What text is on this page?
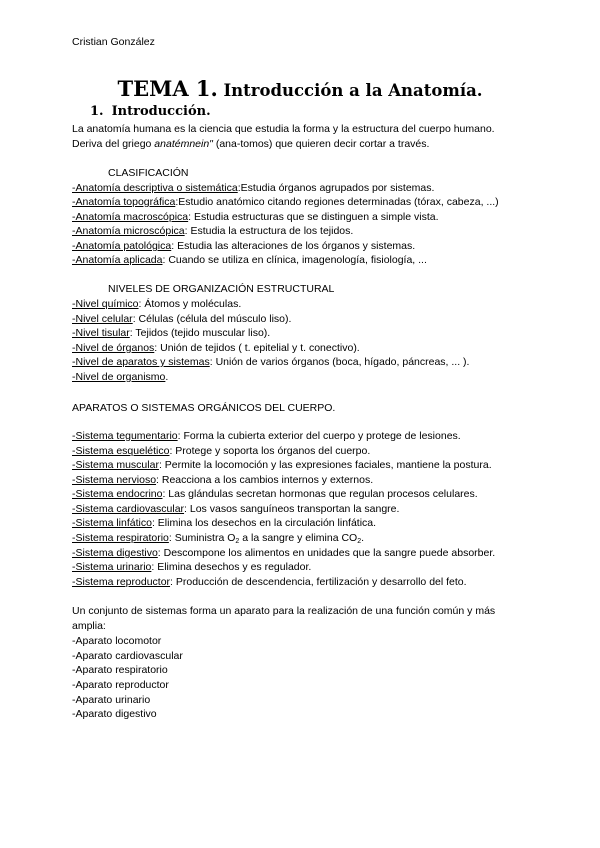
Cristian González
TEMA 1. Introducción a la Anatomía.
1. Introducción.
La anatomía humana es la ciencia que estudia la forma y la estructura del cuerpo humano.
Deriva del griego anatémnein" (ana-tomos) que quieren decir cortar a través.
CLASIFICACIÓN
-Anatomía descriptiva o sistemática:Estudia órganos agrupados por sistemas.
-Anatomía topográfica:Estudio anatómico citando regiones determinadas (tórax, cabeza, ...)
-Anatomía macroscópica: Estudia estructuras que se distinguen a simple vista.
-Anatomía microscópica: Estudia la estructura de los tejidos.
-Anatomía patológica: Estudia las alteraciones de los órganos y sistemas.
-Anatomía aplicada: Cuando se utiliza en clínica, imagenología, fisiología, ...
NIVELES DE ORGANIZACIÓN ESTRUCTURAL
-Nivel químico: Átomos y moléculas.
-Nivel celular: Células (célula del músculo liso).
-Nivel tisular: Tejidos (tejido muscular liso).
-Nivel de órganos: Unión de tejidos ( t. epitelial y t. conectivo).
-Nivel de aparatos y sistemas: Unión de varios órganos (boca, hígado, páncreas, ... ).
-Nivel de organismo.
APARATOS O SISTEMAS ORGÁNICOS DEL CUERPO.
-Sistema tegumentario: Forma la cubierta exterior del cuerpo y protege de lesiones.
-Sistema esquelético: Protege y soporta los órganos del cuerpo.
-Sistema muscular: Permite la locomoción y las expresiones faciales, mantiene la postura.
-Sistema nervioso: Reacciona a los cambios internos y externos.
-Sistema endocrino: Las glándulas secretan hormonas que regulan procesos celulares.
-Sistema cardiovascular: Los vasos sanguíneos transportan la sangre.
-Sistema linfático: Elimina los desechos en la circulación linfática.
-Sistema respiratorio: Suministra $O_2$ a la sangre y elimina $CO_2$.
-Sistema digestivo: Descompone los alimentos en unidades que la sangre puede absorber.
-Sistema urinario: Elimina desechos y es regulador.
-Sistema reproductor: Producción de descendencia, fertilización y desarrollo del feto.
Un conjunto de sistemas forma un aparato para la realización de una función común y más
amplia:
-Aparato locomotor
-Aparato cardiovascular
-Aparato respiratorio
-Aparato reproductor
-Aparato urinario
-Aparato digestivo
